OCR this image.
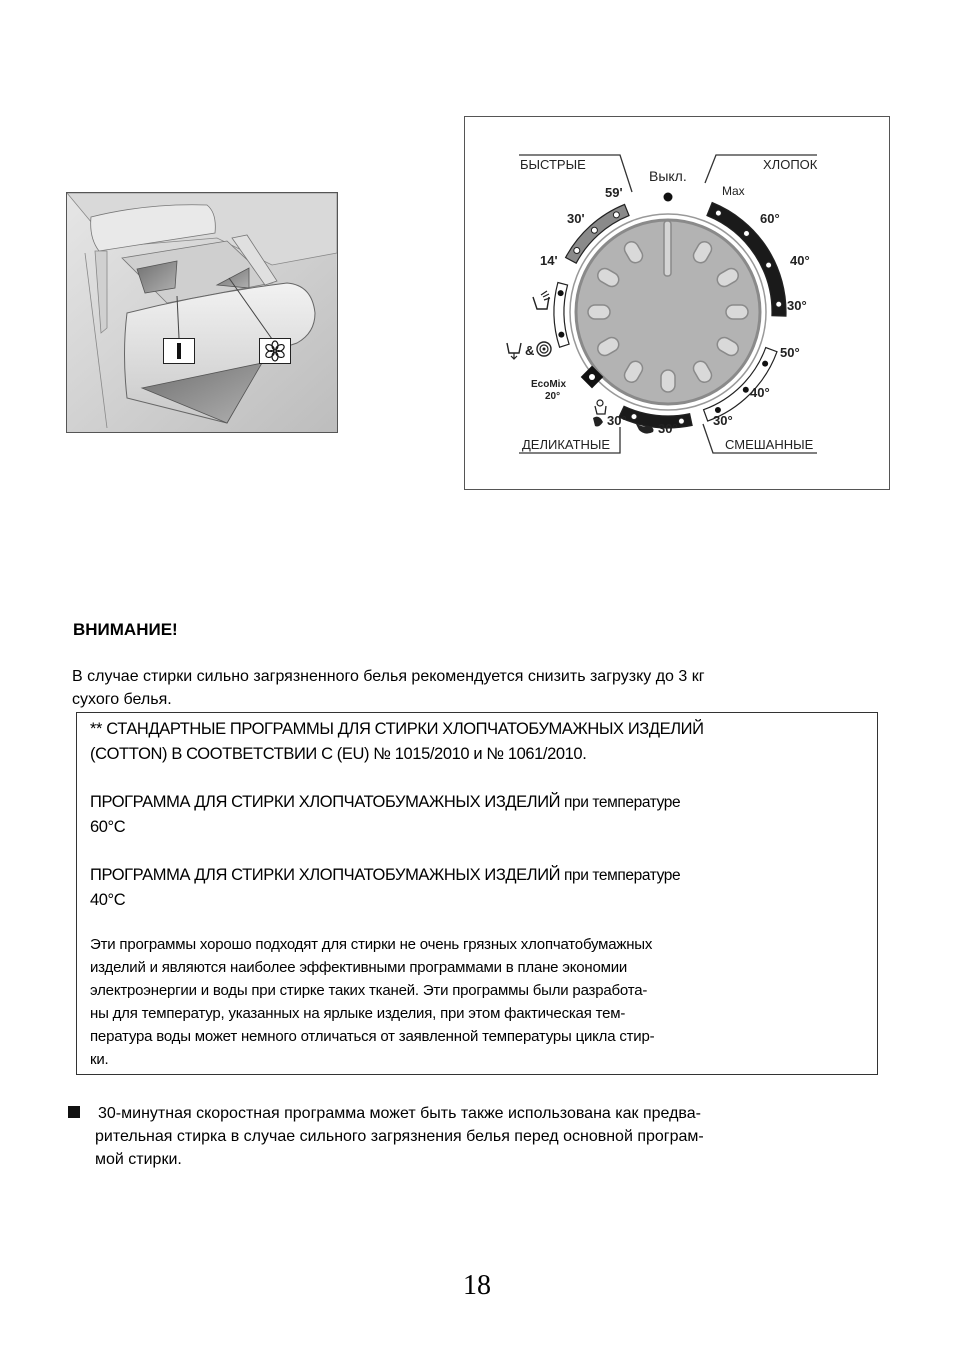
БЫСТРЫЕ	ХЛОПОК
ДЕЛИКАТНЫЕ	СМЕШАННЫЕ
Выкл.
59'
30'
14'
Max
60°
40°
30°
50°
40°
30°
30°
30°
&
EcoMix
20°
ВНИМАНИЕ!
В случае стирки сильно загрязненного белья рекомендуется снизить загрузку до 3 кг
сухого белья.

** СТАНДАРТНЫЕ ПРОГРАММЫ ДЛЯ СТИРКИ ХЛОПЧАТОБУМАЖНЫХ ИЗДЕЛИЙ

(COTTON) В СООТВЕТСТВИИ С (EU) № 1015/2010 и № 1061/2010.

ПРОГРАММА ДЛЯ СТИРКИ ХЛОПЧАТОБУМАЖНЫХ ИЗДЕЛИЙ при температуре

60°C

ПРОГРАММА ДЛЯ СТИРКИ ХЛОПЧАТОБУМАЖНЫХ ИЗДЕЛИЙ при температуре

40°C

Эти программы хорошо подходят для стирки не очень грязных хлопчатобумажных

изделий и являются наиболее эффективными программами в плане экономии

электроэнергии и воды при стирке таких тканей. Эти программы были разработа-

ны для температур, указанных на ярлыке изделия, при этом фактическая тем-

пература воды может немного отличаться от заявленной температуры цикла стир-

ки.

30-минутная скоростная программа может быть также использована как предва-
рительная стирка в случае сильного загрязнения белья перед основной програм-
мой стирки.
18
